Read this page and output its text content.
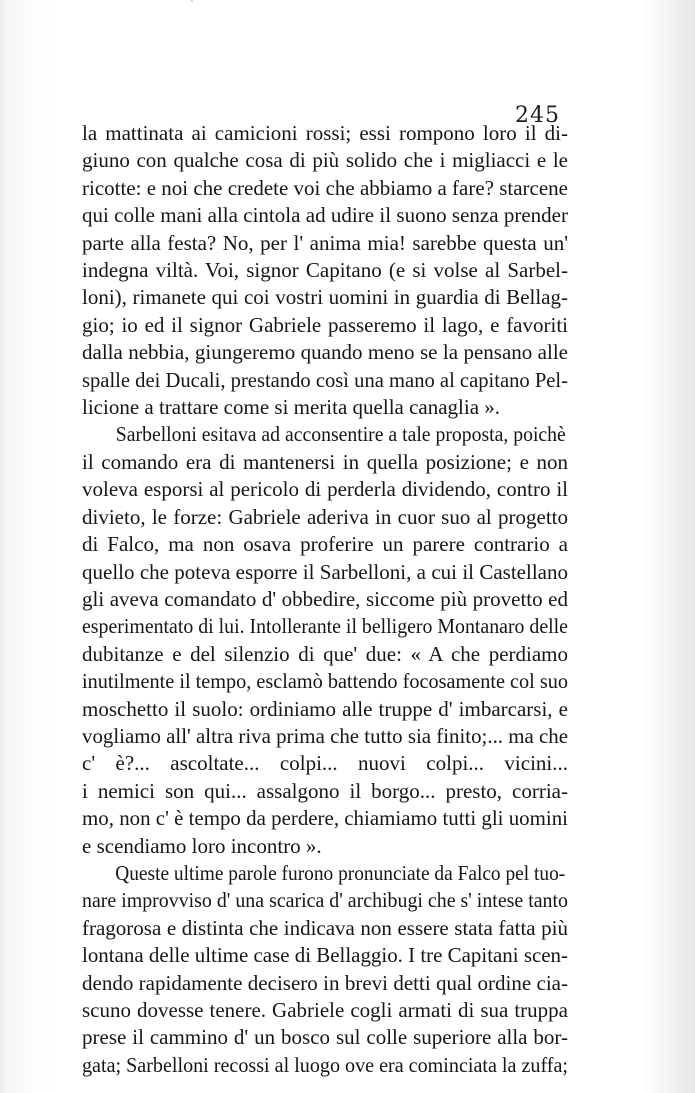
`
245

la mattinata ai camicioni rossi; essi rompono loro il di-
giuno con qualche cosa di più solido che i migliacci e le
ricotte: e noi che credete voi che abbiamo a fare? starcene
qui colle mani alla cintola ad udire il suono senza prender
parte alla festa? No, per l' anima mia! sarebbe questa un'
indegna viltà. Voi, signor Capitano (e si volse al Sarbel-
loni), rimanete qui coi vostri uomini in guardia di Bellag-
gio; io ed il signor Gabriele passeremo il lago, e favoriti
dalla nebbia, giungeremo quando meno se la pensano alle
spalle dei Ducali, prestando così una mano al capitano Pel-
licione a trattare come si merita quella canaglia ».

Sarbelloni esitava ad acconsentire a tale proposta, poichè
il comando era di mantenersi in quella posizione; e non
voleva esporsi al pericolo di perderla dividendo, contro il
divieto, le forze: Gabriele aderiva in cuor suo al progetto
di Falco, ma non osava proferire un parere contrario a
quello che poteva esporre il Sarbelloni, a cui il Castellano
gli aveva comandato d' obbedire, siccome più provetto ed
esperimentato di lui. Intollerante il belligero Montanaro delle
dubitanze e del silenzio di que' due: « A che perdiamo
inutilmente il tempo, esclamò battendo focosamente col suo
moschetto il suolo: ordiniamo alle truppe d' imbarcarsi, e
vogliamo all' altra riva prima che tutto sia finito;... ma che
c' è?... ascoltate... colpi... nuovi colpi... vicini...
i nemici son qui... assalgono il borgo... presto, corria-
mo, non c' è tempo da perdere, chiamiamo tutti gli uomini
e scendiamo loro incontro ».

Queste ultime parole furono pronunciate da Falco pel tuo-
nare improvviso d' una scarica d' archibugi che s' intese tanto
fragorosa e distinta che indicava non essere stata fatta più
lontana delle ultime case di Bellaggio. I tre Capitani scen-
dendo rapidamente decisero in brevi detti qual ordine cia-
scuno dovesse tenere. Gabriele cogli armati di sua truppa
prese il cammino d' un bosco sul colle superiore alla bor-
gata; Sarbelloni recossi al luogo ove era cominciata la zuffa;
